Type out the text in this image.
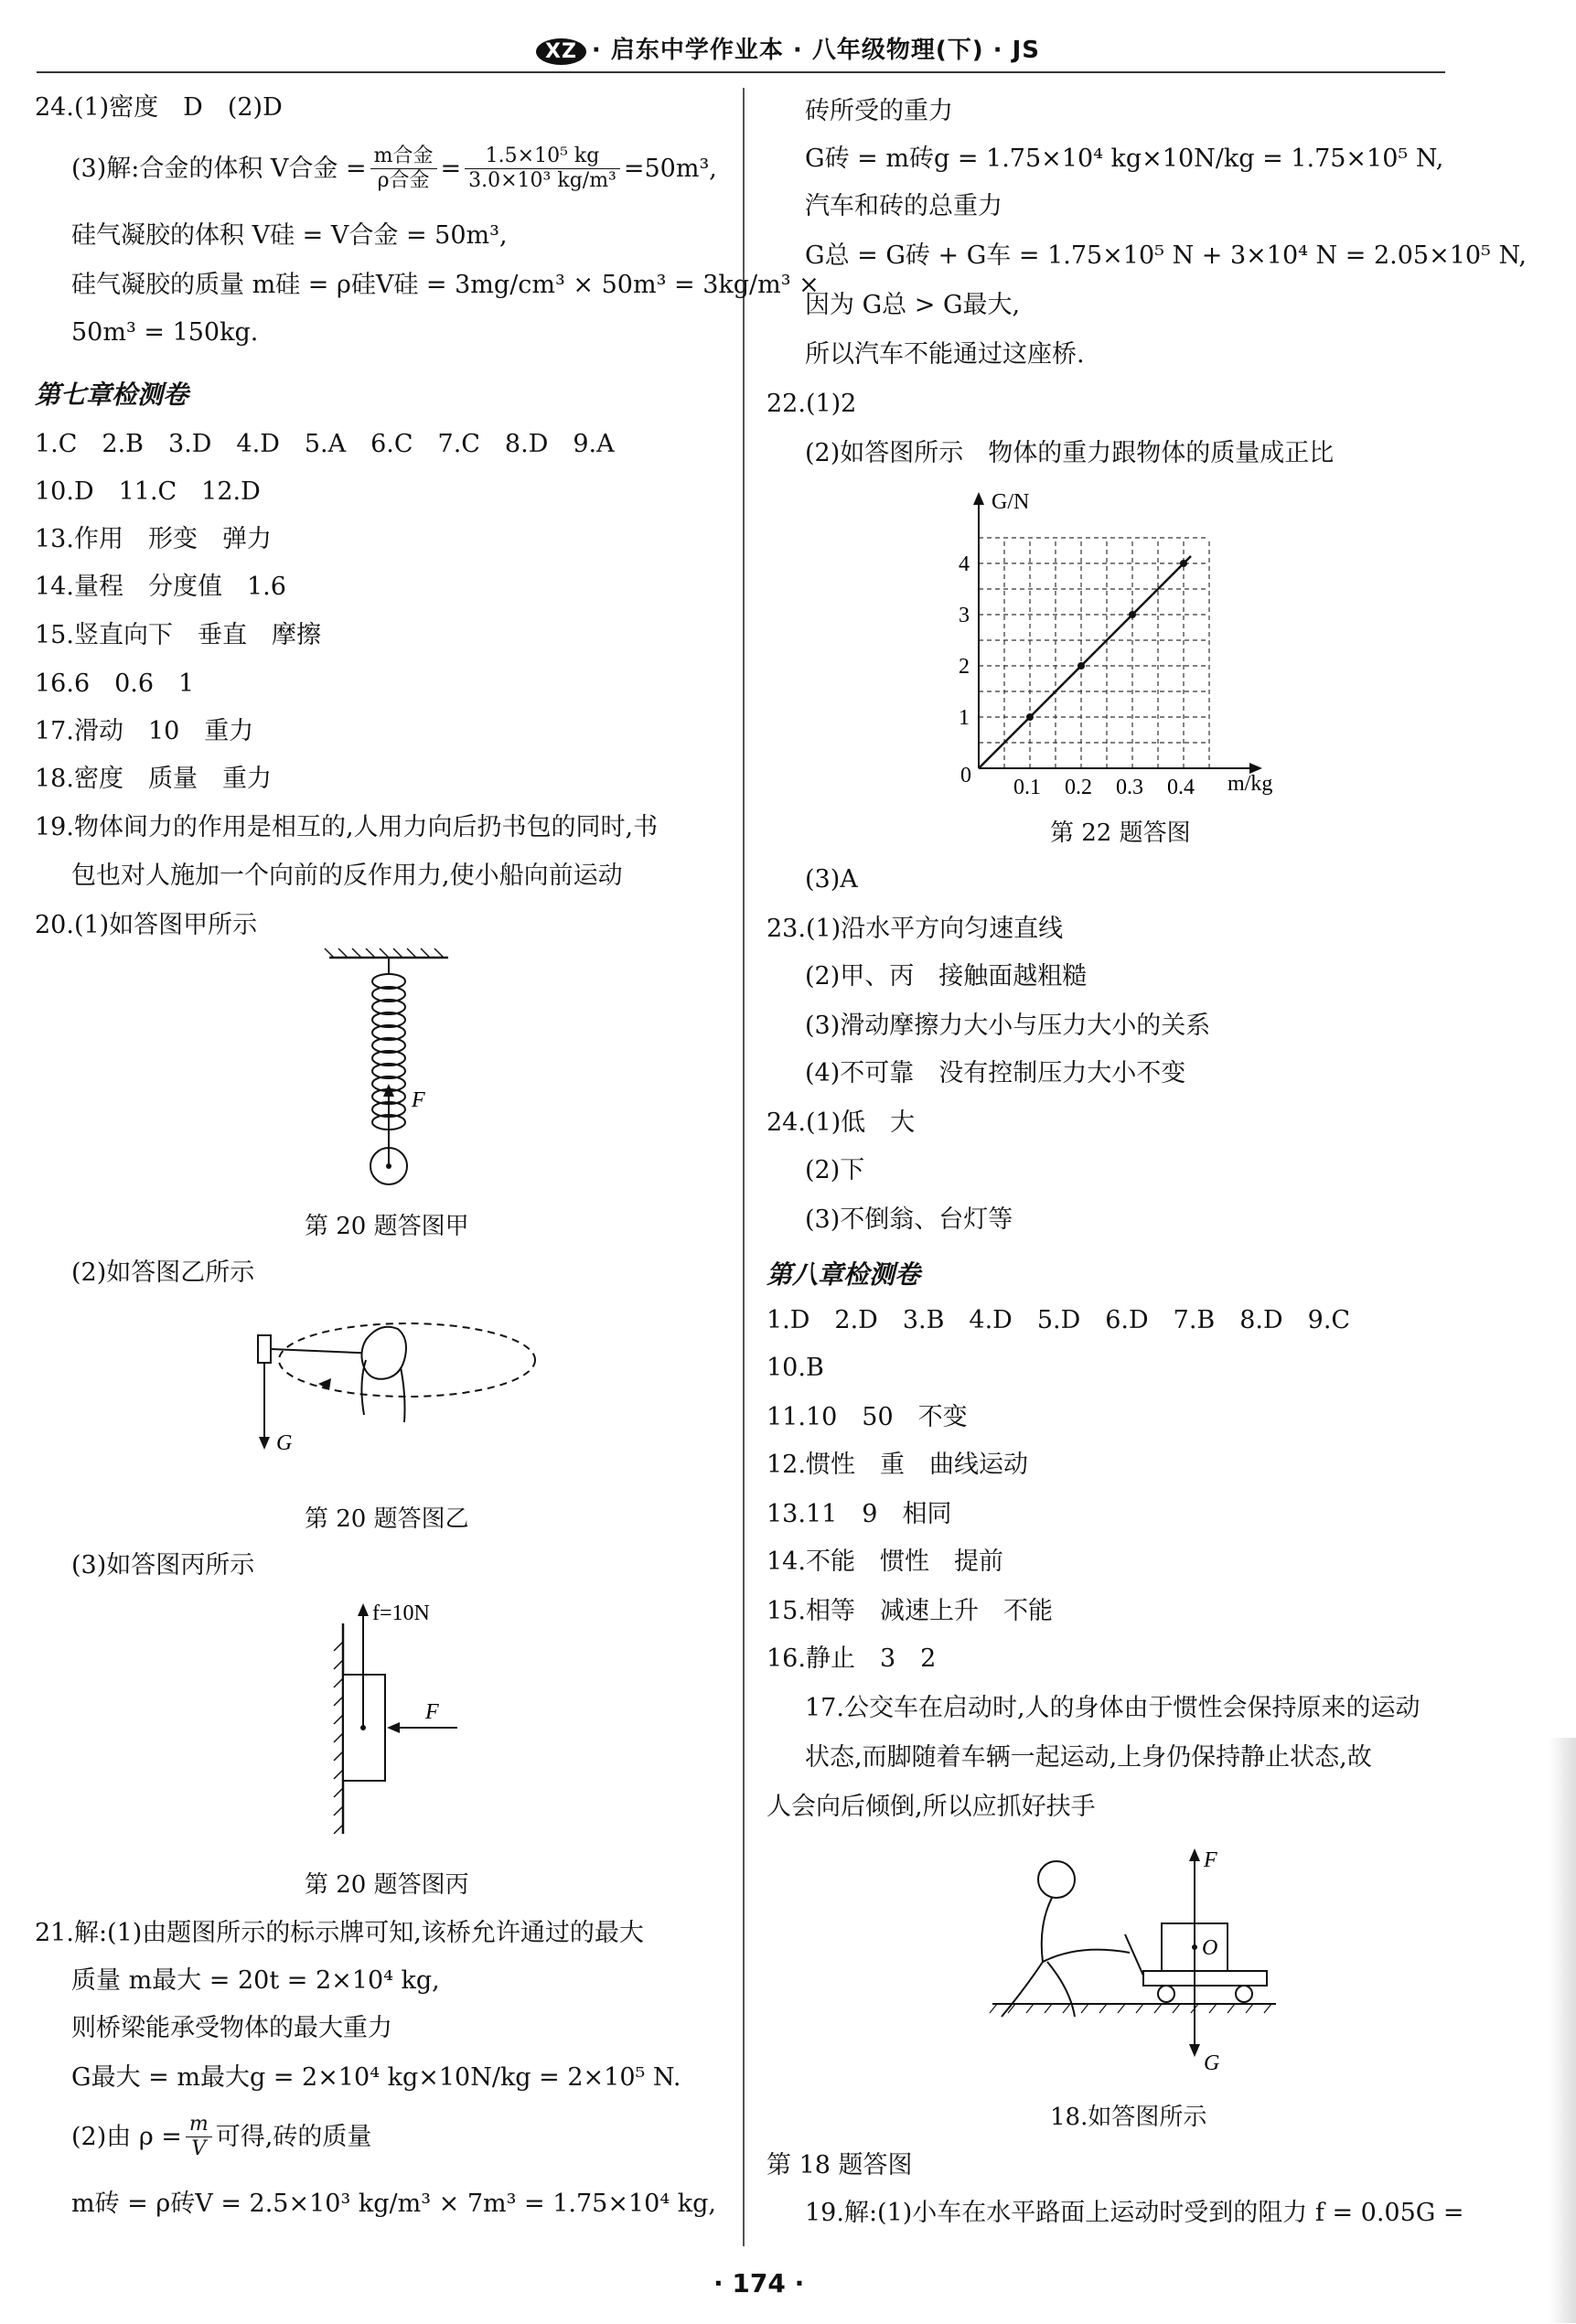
XZ · 启东中学作业本 · 八年级物理(下) · JS
24.(1)密度　D　(2)D
(3)解:合金的体积 V合金 = $\frac{\text{m合金}}{\text{ρ合金}} = \frac{\text{1.5×10⁵ kg}}{\text{3.0×10³ kg/m³}} =50m^3$,
硅气凝胶的体积 V硅 = V合金 = 50m³,
硅气凝胶的质量 m硅 = ρ硅V硅 = 3mg/cm³ × 50m³ = 3kg/m³ ×
50m³ = 150kg.
第七章检测卷
1.C　2.B　3.D　4.D　5.A　6.C　7.C　8.D　9.A
10.D　11.C　12.D
13.作用　形变　弹力
14.量程　分度值　1.6
15.竖直向下　垂直　摩擦
16.6　0.6　1
17.滑动　10　重力
18.密度　质量　重力
19.物体间力的作用是相互的,人用力向后扔书包的同时,书
包也对人施加一个向前的反作用力,使小船向前运动
20.(1)如答图甲所示
F
第 20 题答图甲
(2)如答图乙所示
G
第 20 题答图乙
(3)如答图丙所示
f=10N
F
第 20 题答图丙
21.解:(1)由题图所示的标示牌可知,该桥允许通过的最大
质量 m最大 = 20t = 2×10⁴ kg,
则桥梁能承受物体的最大重力
G最大 = m最大g = 2×10⁴ kg×10N/kg = 2×10⁵ N.
(2)由 $\rho = \frac{m}{V}$ 可得,砖的质量
m砖 = ρ砖V = 2.5×10³ kg/m³ × 7m³ = 1.75×10⁴ kg,
砖所受的重力
G砖 = m砖g = 1.75×10⁴ kg×10N/kg = 1.75×10⁵ N,
汽车和砖的总重力
G总 = G砖 + G车 = 1.75×10⁵ N + 3×10⁴ N = 2.05×10⁵ N,
因为 G总 > G最大,
所以汽车不能通过这座桥.
22.(1)2
(2)如答图所示　物体的重力跟物体的质量成正比
G/N
m/kg
0 0.1 0.2 0.3 0.4
1
2
3
4
第 22 题答图
(3)A
23.(1)沿水平方向匀速直线
(2)甲、丙　接触面越粗糙
(3)滑动摩擦力大小与压力大小的关系
(4)不可靠　没有控制压力大小不变
24.(1)低　大
(2)下
(3)不倒翁、台灯等
第八章检测卷
1.D　2.D　3.B　4.D　5.D　6.D　7.B　8.D　9.C
10.B
11.10　50　不变
12.惯性　重　曲线运动
13.11　9　相同
14.不能　惯性　提前
15.相等　减速上升　不能
16.静止　3　2
17.公交车在启动时,人的身体由于惯性会保持原来的运动
状态,而脚随着车辆一起运动,上身仍保持静止状态,故
人会向后倾倒,所以应抓好扶手
F
O
G
18.如答图所示
第 18 题答图
19.解:(1)小车在水平路面上运动时受到的阻力 f = 0.05G =
· 174 ·
